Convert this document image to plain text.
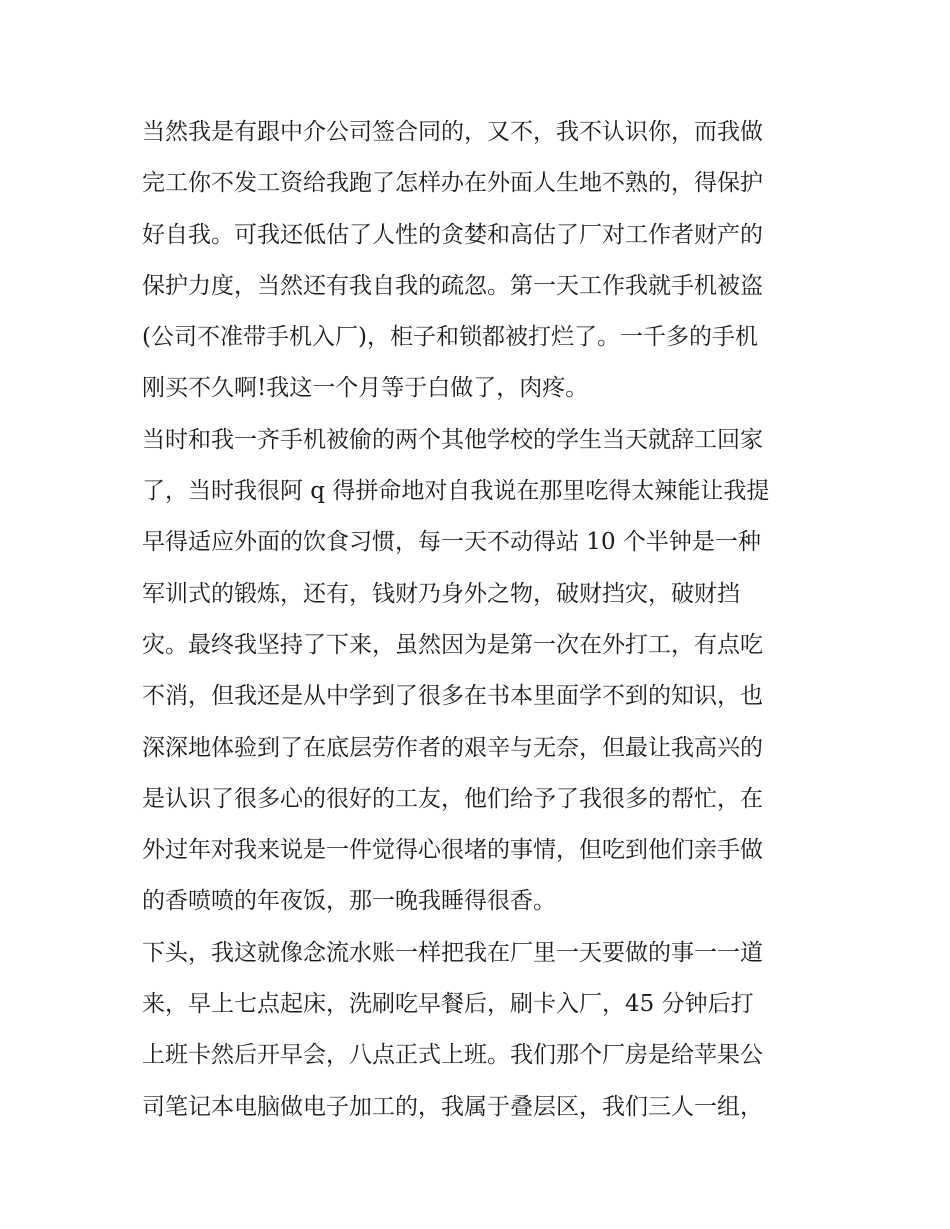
当然我是有跟中介公司签合同的，又不，我不认识你，而我做
完工你不发工资给我跑了怎样办在外面人生地不熟的，得保护
好自我。可我还低估了人性的贪婪和高估了厂对工作者财产的
保护力度，当然还有我自我的疏忽。第一天工作我就手机被盗
(公司不准带手机入厂)，柜子和锁都被打烂了。一千多的手机
刚买不久啊!我这一个月等于白做了，肉疼。
当时和我一齐手机被偷的两个其他学校的学生当天就辞工回家
了，当时我很阿 q 得拼命地对自我说在那里吃得太辣能让我提
早得适应外面的饮食习惯，每一天不动得站 10 个半钟是一种
军训式的锻炼，还有，钱财乃身外之物，破财挡灾，破财挡
灾。最终我坚持了下来，虽然因为是第一次在外打工，有点吃
不消，但我还是从中学到了很多在书本里面学不到的知识，也
深深地体验到了在底层劳作者的艰辛与无奈，但最让我高兴的
是认识了很多心的很好的工友，他们给予了我很多的帮忙，在
外过年对我来说是一件觉得心很堵的事情，但吃到他们亲手做
的香喷喷的年夜饭，那一晚我睡得很香。
下头，我这就像念流水账一样把我在厂里一天要做的事一一道
来，早上七点起床，洗刷吃早餐后，刷卡入厂，45 分钟后打
上班卡然后开早会，八点正式上班。我们那个厂房是给苹果公
司笔记本电脑做电子加工的，我属于叠层区，我们三人一组，
